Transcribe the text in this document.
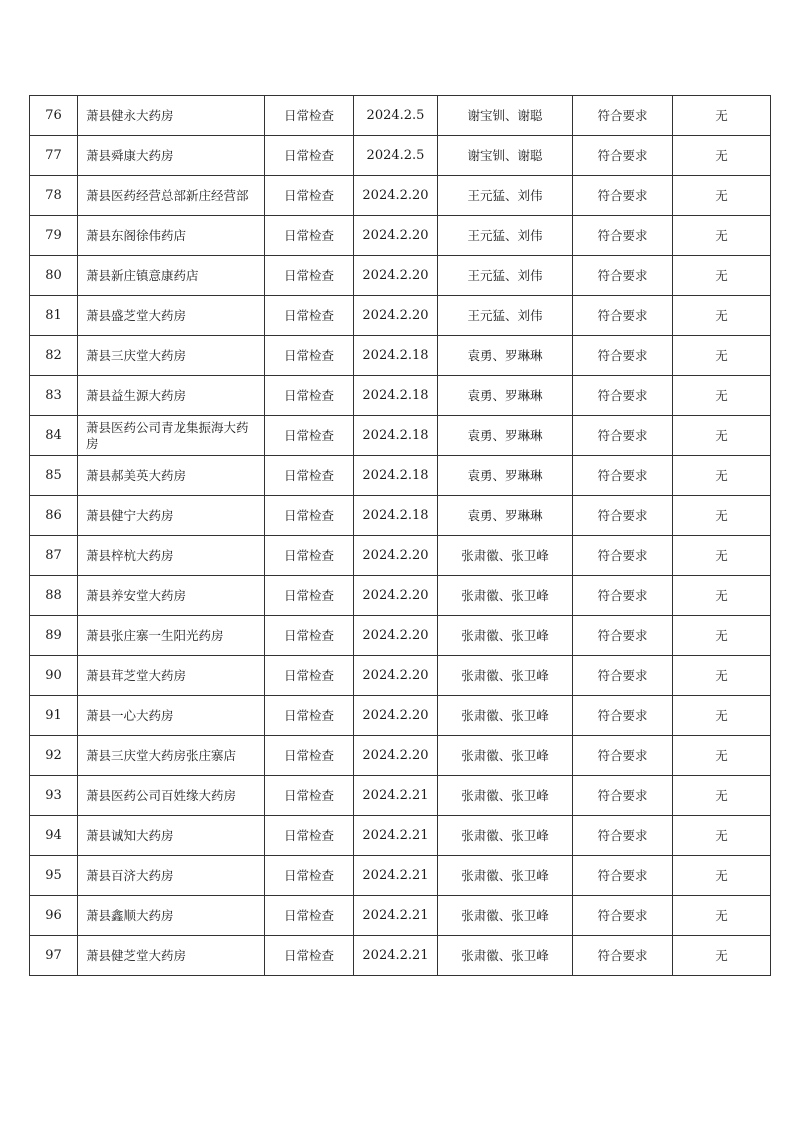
76	萧县健永大药房	日常检查	2024.2.5	谢宝钏、谢聪	符合要求	无
77	萧县舜康大药房	日常检查	2024.2.5	谢宝钏、谢聪	符合要求	无
78	萧县医药经营总部新庄经营部	日常检查	2024.2.20	王元猛、刘伟	符合要求	无
79	萧县东阁徐伟药店	日常检查	2024.2.20	王元猛、刘伟	符合要求	无
80	萧县新庄镇意康药店	日常检查	2024.2.20	王元猛、刘伟	符合要求	无
81	萧县盛芝堂大药房	日常检查	2024.2.20	王元猛、刘伟	符合要求	无
82	萧县三庆堂大药房	日常检查	2024.2.18	袁勇、罗琳琳	符合要求	无
83	萧县益生源大药房	日常检查	2024.2.18	袁勇、罗琳琳	符合要求	无
84	萧县医药公司青龙集振海大药房	日常检查	2024.2.18	袁勇、罗琳琳	符合要求	无
85	萧县郝美英大药房	日常检查	2024.2.18	袁勇、罗琳琳	符合要求	无
86	萧县健宁大药房	日常检查	2024.2.18	袁勇、罗琳琳	符合要求	无
87	萧县梓杭大药房	日常检查	2024.2.20	张肃徽、张卫峰	符合要求	无
88	萧县养安堂大药房	日常检查	2024.2.20	张肃徽、张卫峰	符合要求	无
89	萧县张庄寨一生阳光药房	日常检查	2024.2.20	张肃徽、张卫峰	符合要求	无
90	萧县茸芝堂大药房	日常检查	2024.2.20	张肃徽、张卫峰	符合要求	无
91	萧县一心大药房	日常检查	2024.2.20	张肃徽、张卫峰	符合要求	无
92	萧县三庆堂大药房张庄寨店	日常检查	2024.2.20	张肃徽、张卫峰	符合要求	无
93	萧县医药公司百姓缘大药房	日常检查	2024.2.21	张肃徽、张卫峰	符合要求	无
94	萧县诚知大药房	日常检查	2024.2.21	张肃徽、张卫峰	符合要求	无
95	萧县百济大药房	日常检查	2024.2.21	张肃徽、张卫峰	符合要求	无
96	萧县鑫顺大药房	日常检查	2024.2.21	张肃徽、张卫峰	符合要求	无
97	萧县健芝堂大药房	日常检查	2024.2.21	张肃徽、张卫峰	符合要求	无
